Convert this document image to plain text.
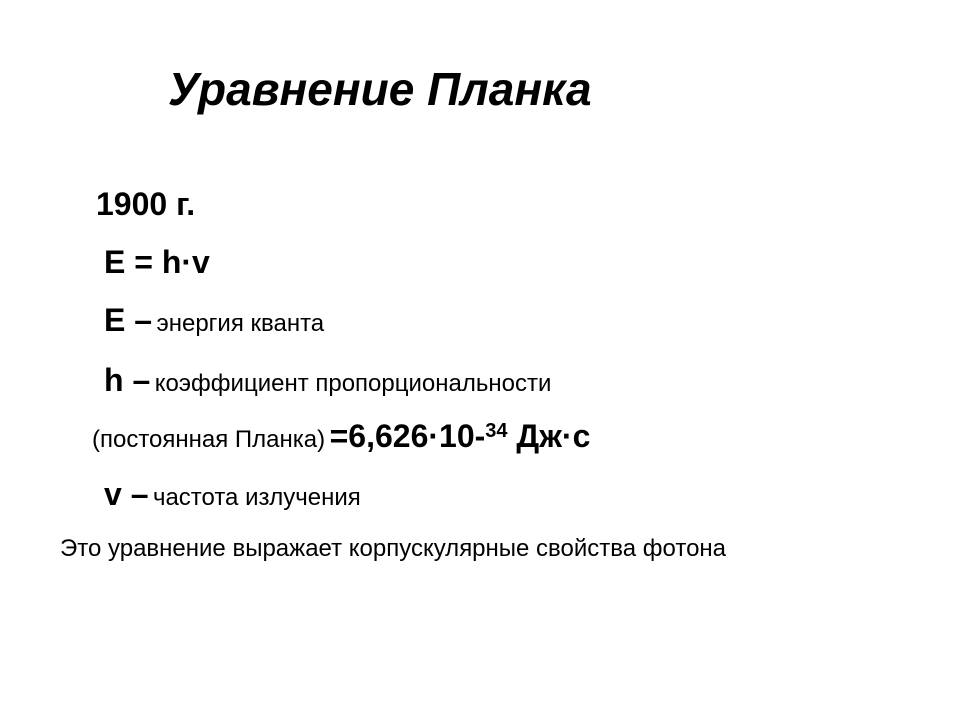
Уравнение Планка
1900 г.
E = h·v
E – энергия кванта
h – коэффициент пропорциональности
(постоянная Планка) =6,626·10-$^{34}$ Дж·с
v – частота излучения
Это уравнение выражает корпускулярные свойства фотона
